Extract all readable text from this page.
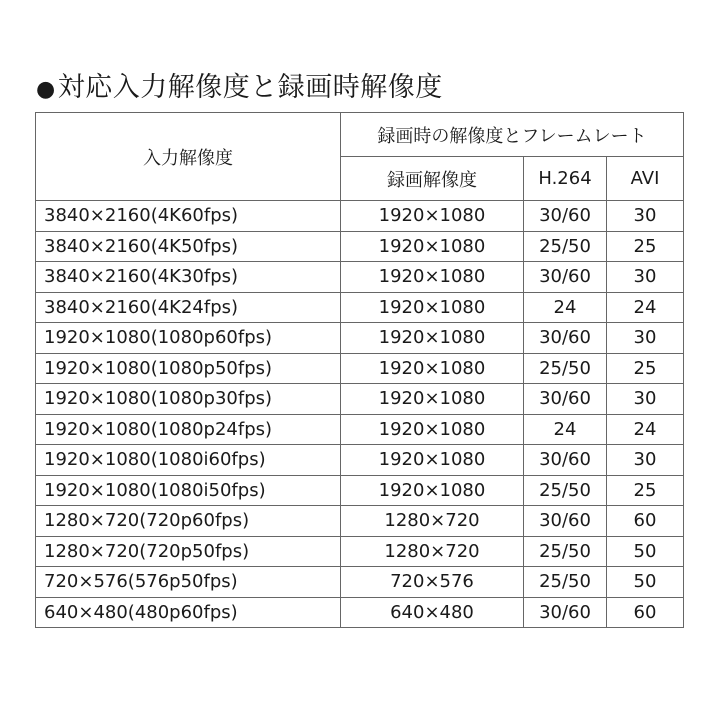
●対応入力解像度と録画時解像度
入力解像度	録画時の解像度とフレームレート		
	録画解像度	H.264	AVI
3840×2160(4K60fps)	1920×1080	30/60	30
3840×2160(4K50fps)	1920×1080	25/50	25
3840×2160(4K30fps)	1920×1080	30/60	30
3840×2160(4K24fps)	1920×1080	24	24
1920×1080(1080p60fps)	1920×1080	30/60	30
1920×1080(1080p50fps)	1920×1080	25/50	25
1920×1080(1080p30fps)	1920×1080	30/60	30
1920×1080(1080p24fps)	1920×1080	24	24
1920×1080(1080i60fps)	1920×1080	30/60	30
1920×1080(1080i50fps)	1920×1080	25/50	25
1280×720(720p60fps)	1280×720	30/60	60
1280×720(720p50fps)	1280×720	25/50	50
720×576(576p50fps)	720×576	25/50	50
640×480(480p60fps)	640×480	30/60	60
